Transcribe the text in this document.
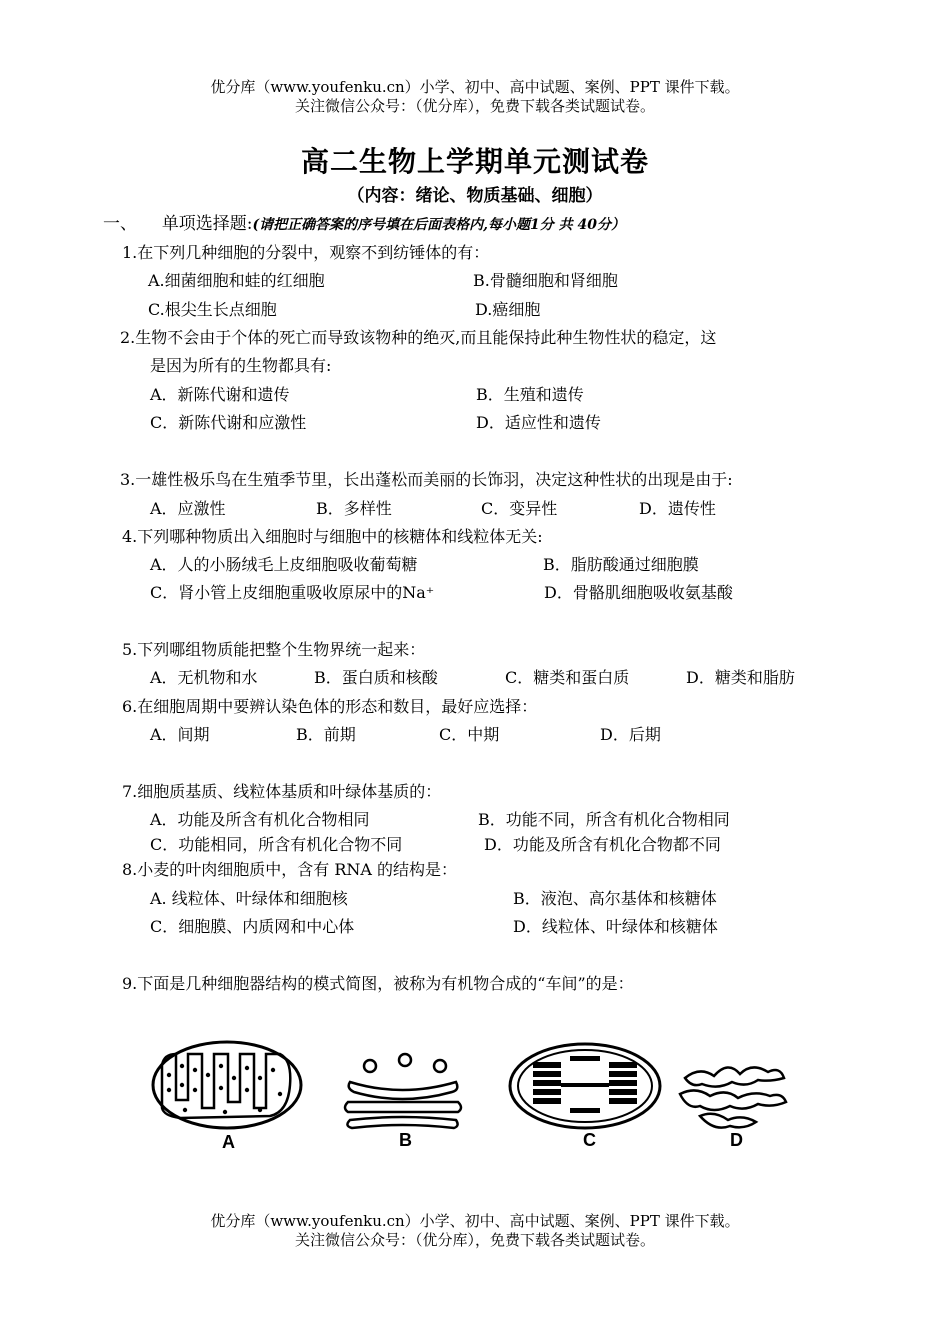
优分库（www.youfenku.cn）小学、初中、高中试题、案例、PPT 课件下载。
关注微信公众号：（优分库），免费下载各类试题试卷。
高二生物上学期单元测试卷
（内容：绪论、物质基础、细胞）
一、 单项选择题:(请把正确答案的序号填在后面表格内,每小题1分 共 40分）
1.在下列几种细胞的分裂中，观察不到纺锤体的有：
A.细菌细胞和蛙的红细胞	B.骨髓细胞和肾细胞
C.根尖生长点细胞	D.癌细胞
2.生物不会由于个体的死亡而导致该物种的绝灭,而且能保持此种生物性状的稳定，这
是因为所有的生物都具有:
A．新陈代谢和遗传	B．生殖和遗传
C．新陈代谢和应激性	D．适应性和遗传
3.一雄性极乐鸟在生殖季节里，长出蓬松而美丽的长饰羽，决定这种性状的出现是由于:
A．应激性	B．多样性	C．变异性	D．遗传性
4.下列哪种物质出入细胞时与细胞中的核糖体和线粒体无关:
A．人的小肠绒毛上皮细胞吸收葡萄糖	B．脂肪酸通过细胞膜
C．肾小管上皮细胞重吸收原尿中的Na⁺	D．骨骼肌细胞吸收氨基酸
5.下列哪组物质能把整个生物界统一起来：
A．无机物和水	B．蛋白质和核酸	C．糖类和蛋白质	D．糖类和脂肪
6.在细胞周期中要辨认染色体的形态和数目，最好应选择：
A．间期	B．前期	C．中期	D．后期
7.细胞质基质、线粒体基质和叶绿体基质的：
A．功能及所含有机化合物相同	B．功能不同，所含有机化合物相同
C．功能相同，所含有机化合物不同	D．功能及所含有机化合物都不同
8.小麦的叶肉细胞质中，含有 RNA 的结构是：
A. 线粒体、叶绿体和细胞核	B．液泡、高尔基体和核糖体
C．细胞膜、内质网和中心体	D．线粒体、叶绿体和核糖体
9.下面是几种细胞器结构的模式简图，被称为有机物合成的“车间”的是：
A	B	C	D
优分库（www.youfenku.cn）小学、初中、高中试题、案例、PPT 课件下载。
关注微信公众号：（优分库），免费下载各类试题试卷。
